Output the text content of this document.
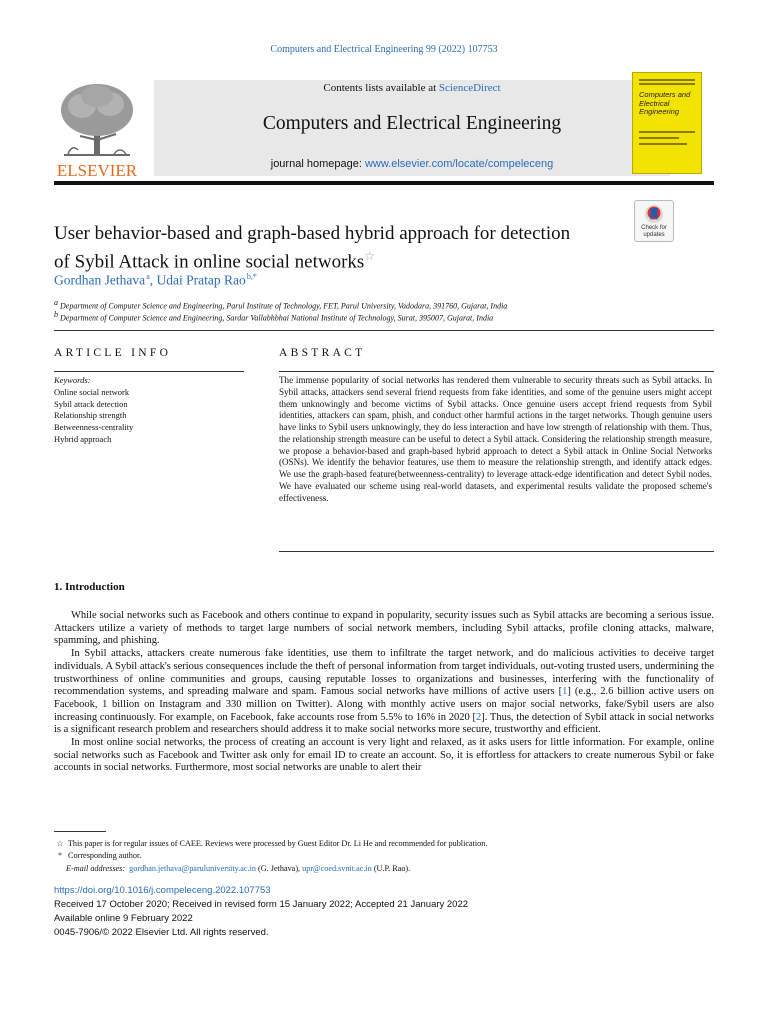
Computers and Electrical Engineering 99 (2022) 107753
ELSEVIER
Contents lists available at ScienceDirect
Computers and Electrical Engineering
journal homepage: www.elsevier.com/locate/compeleceng
Computers and Electrical Engineering
Check for updates
User behavior-based and graph-based hybrid approach for detection
of Sybil Attack in online social networks☆
Gordhan Jethava $^a$, Udai Pratap Rao $^{b,*}$
$^a$ Department of Computer Science and Engineering, Parul Institute of Technology, FET, Parul University, Vadodara, 391760, Gujarat, India
$^b$ Department of Computer Science and Engineering, Sardar Vallabhbhai National Institute of Technology, Surat, 395007, Gujarat, India
ARTICLE INFO	ABSTRACT
Keywords:
Online social network
Sybil attack detection
Relationship strength
Betweenness-centrality
Hybrid approach
The immense popularity of social networks has rendered them vulnerable to security threats such as Sybil attacks. In Sybil attacks, attackers send several friend requests from fake identities, and some of the genuine users might accept them unknowingly and become victims of Sybil attacks. Once genuine users accept friend requests from Sybil identities, attackers can spam, phish, and conduct other harmful actions in the target networks. Though genuine users have links to Sybil users unknowingly, they do less interaction and have low strength of relationship with them. Thus, the relationship strength measure can be useful to detect a Sybil attack. Considering the relationship strength measure, we propose a behavior-based and graph-based hybrid approach to detect a Sybil attack in Online Social Networks (OSNs). We identify the behavior features, use them to measure the relationship strength, and identify attack edges. We use the graph-based feature(betweenness-centrality) to leverage attack-edge identification and detect Sybil nodes. We have evaluated our scheme using real-world datasets, and experimental results validate the proposed scheme's effectiveness.
1. Introduction

While social networks such as Facebook and others continue to expand in popularity, security issues such as Sybil attacks are becoming a serious issue. Attackers utilize a variety of methods to target large numbers of social network members, including Sybil attacks, profile cloning attacks, malware, spamming, and phishing.

In Sybil attacks, attackers create numerous fake identities, use them to infiltrate the target network, and do malicious activities to deceive target individuals. A Sybil attack's serious consequences include the theft of personal information from target individuals, out-voting trusted users, undermining the trustworthiness of online communities and groups, causing reputable losses to organizations and businesses, interfering with the functionality of recommendation systems, and spreading malware and spam. Famous social networks have millions of active users [1] (e.g., 2.6 billion active users on Facebook, 1 billion on Instagram and 330 million on Twitter). Along with monthly active users on major social networks, fake/Sybil users are also increasing continuously. For example, on Facebook, fake accounts rose from 5.5% to 16% in 2020 [2]. Thus, the detection of Sybil attack in social networks is a significant research problem and researchers should address it to make social networks more secure, trustworthy and efficient.

In most online social networks, the process of creating an account is very light and relaxed, as it asks users for little information. For example, online social networks such as Facebook and Twitter ask only for email ID to create an account. So, it is effortless for attackers to create numerous Sybil or fake accounts in social networks. Furthermore, most social networks are unable to alert their

☆ This paper is for regular issues of CAEE. Reviews were processed by Guest Editor Dr. Li He and recommended for publication.
* Corresponding author.
E-mail addresses: gordhan.jethava@paruluniversity.ac.in (G. Jethava), upr@coed.svnit.ac.in (U.P. Rao).
https://doi.org/10.1016/j.compeleceng.2022.107753
Received 17 October 2020; Received in revised form 15 January 2022; Accepted 21 January 2022
Available online 9 February 2022
0045-7906/© 2022 Elsevier Ltd. All rights reserved.
